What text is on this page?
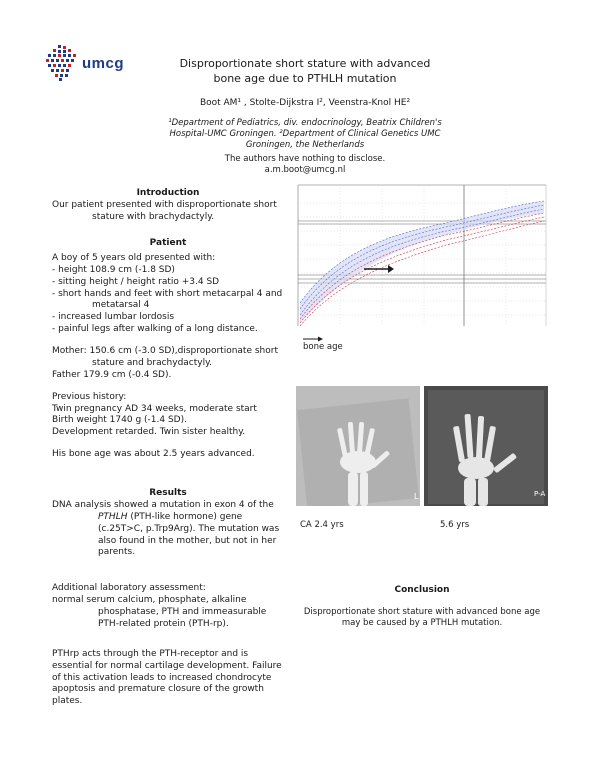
umcg	Disproportionate short stature with advanced
bone age due to PTHLH mutation
Boot AM¹ , Stolte-Dijkstra I², Veenstra-Knol HE²
¹Department of Pediatrics, div. endocrinology, Beatrix Children's Hospital-UMC Groningen. ²Department of Clinical Genetics UMC Groningen, the Netherlands
The authors have nothing to disclose.
a.m.boot@umcg.nl
Introduction

Our patient presented with disproportionate short stature with brachydactyly.

Patient

A boy of 5 years old presented with:

- height 108.9 cm (-1.8 SD)

- sitting height / height ratio +3.4 SD

- short hands and feet with short metacarpal 4 and metatarsal 4

- increased lumbar lordosis

- painful legs after walking of a long distance.

Mother: 150.6 cm (-3.0 SD),disproportionate short stature and brachydactyly.

Father 179.9 cm (-0.4 SD).

Previous history:

Twin pregnancy AD 34 weeks, moderate start

Birth weight 1740 g (-1.4 SD).

Development retarded. Twin sister healthy.

His bone age was about 2.5 years advanced.

Results

DNA analysis showed a mutation in exon 4 of the PTHLH (PTH-like hormone) gene (c.25T>C, p.Trp9Arg). The mutation was also found in the mother, but not in her parents.

Additional laboratory assessment:

normal serum calcium, phosphate, alkaline phosphatase, PTH and immeasurable PTH-related protein (PTH-rp).

PTHrp acts through the PTH-receptor and is essential for normal cartilage development. Failure of this activation leads to increased chondrocyte apoptosis and premature closure of the growth plates.

bone age
L	P-A
CA 2.4 yrs	5.6 yrs
Conclusion
Disproportionate short stature with advanced bone age may be caused by a PTHLH mutation.
